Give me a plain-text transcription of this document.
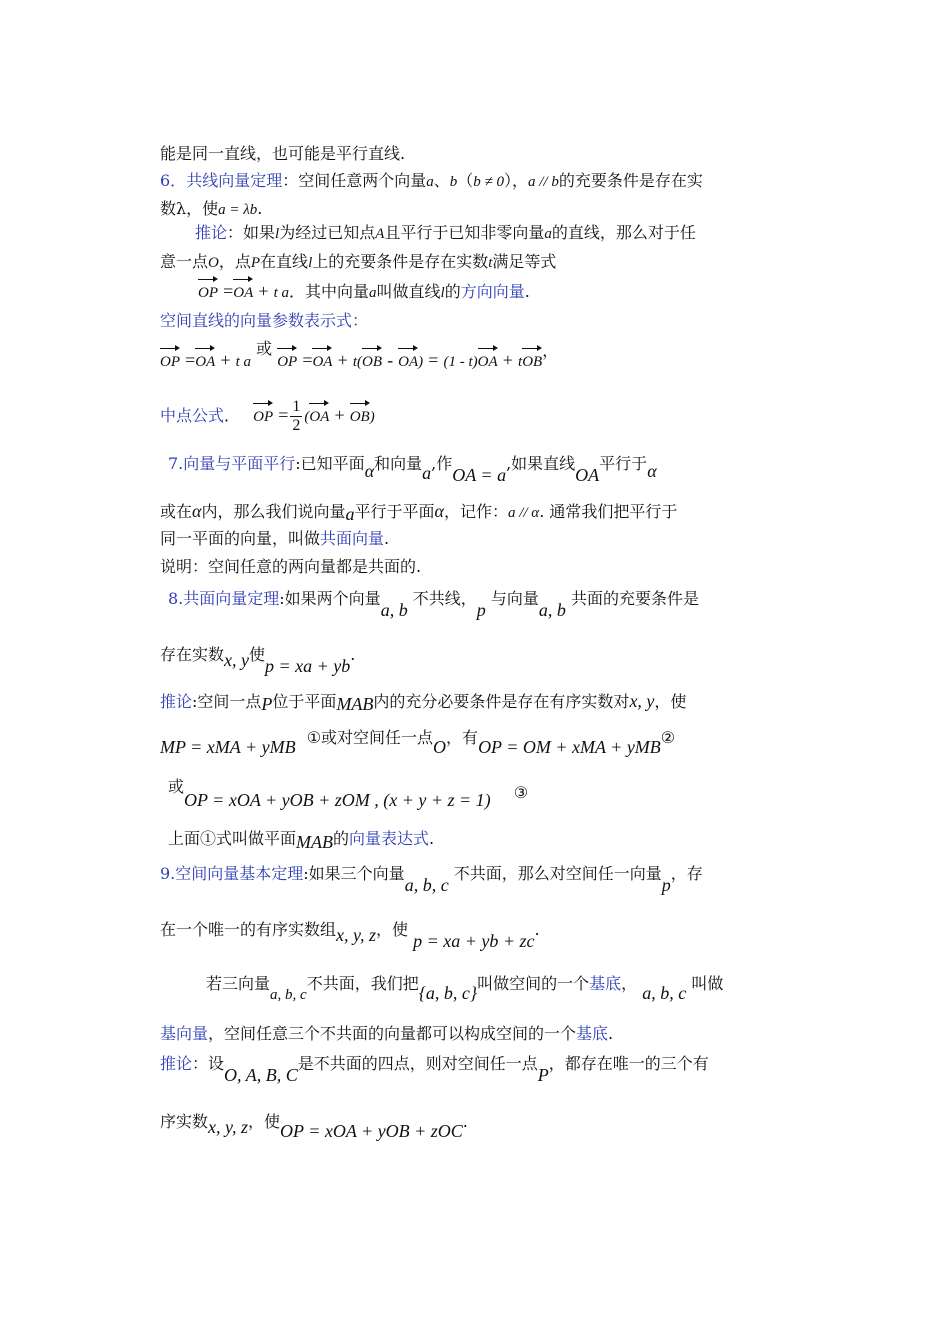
能是同一直线，也可能是平行直线.
6．共线向量定理：空间任意两个向量a、b（b ≠ 0），a // b的充要条件是存在实
数λ，使a = λb.
推论：如果l为经过已知点A且平行于已知非零向量a的直线，那么对于任
意一点O，点P在直线l上的充要条件是存在实数t满足等式
OP =OA + t a．其中向量a叫做直线l的方向向量.
空间直线的向量参数表示式：
OP =OA + t a 或 OP =OA + t(OB - OA) = (1 - t)OA + tOB，
中点公式． OP = $\frac{1}{2} (OA + OB)$
7.向量与平面平行:已知平面α和向量a,作OA = a,如果直线OA平行于α
或在α内，那么我们说向量a平行于平面α，记作：a // α. 通常我们把平行于
同一平面的向量，叫做共面向量.
说明：空间任意的两向量都是共面的.
8.共面向量定理:如果两个向量a, b 不共线，p 与向量a, b 共面的充要条件是
存在实数x, y使p = xa + yb.
推论:空间一点P位于平面MAB内的充分必要条件是存在有序实数对x, y，使
MP = xMA + yMB ①或对空间任一点O，有OP = OM + xMA + yMB②
或OP = xOA + yOB + zOM , (x + y + z = 1) ③
上面①式叫做平面MAB的向量表达式.
9.空间向量基本定理:如果三个向量a, b, c 不共面，那么对空间任一向量p，存
在一个唯一的有序实数组x, y, z，使 p = xa + yb + zc.
若三向量a, b, c不共面，我们把{a, b, c}叫做空间的一个基底， a, b, c 叫做
基向量，空间任意三个不共面的向量都可以构成空间的一个基底.
推论：设O, A, B, C是不共面的四点，则对空间任一点P，都存在唯一的三个有
序实数x, y, z，使OP = xOA + yOB + zOC.
